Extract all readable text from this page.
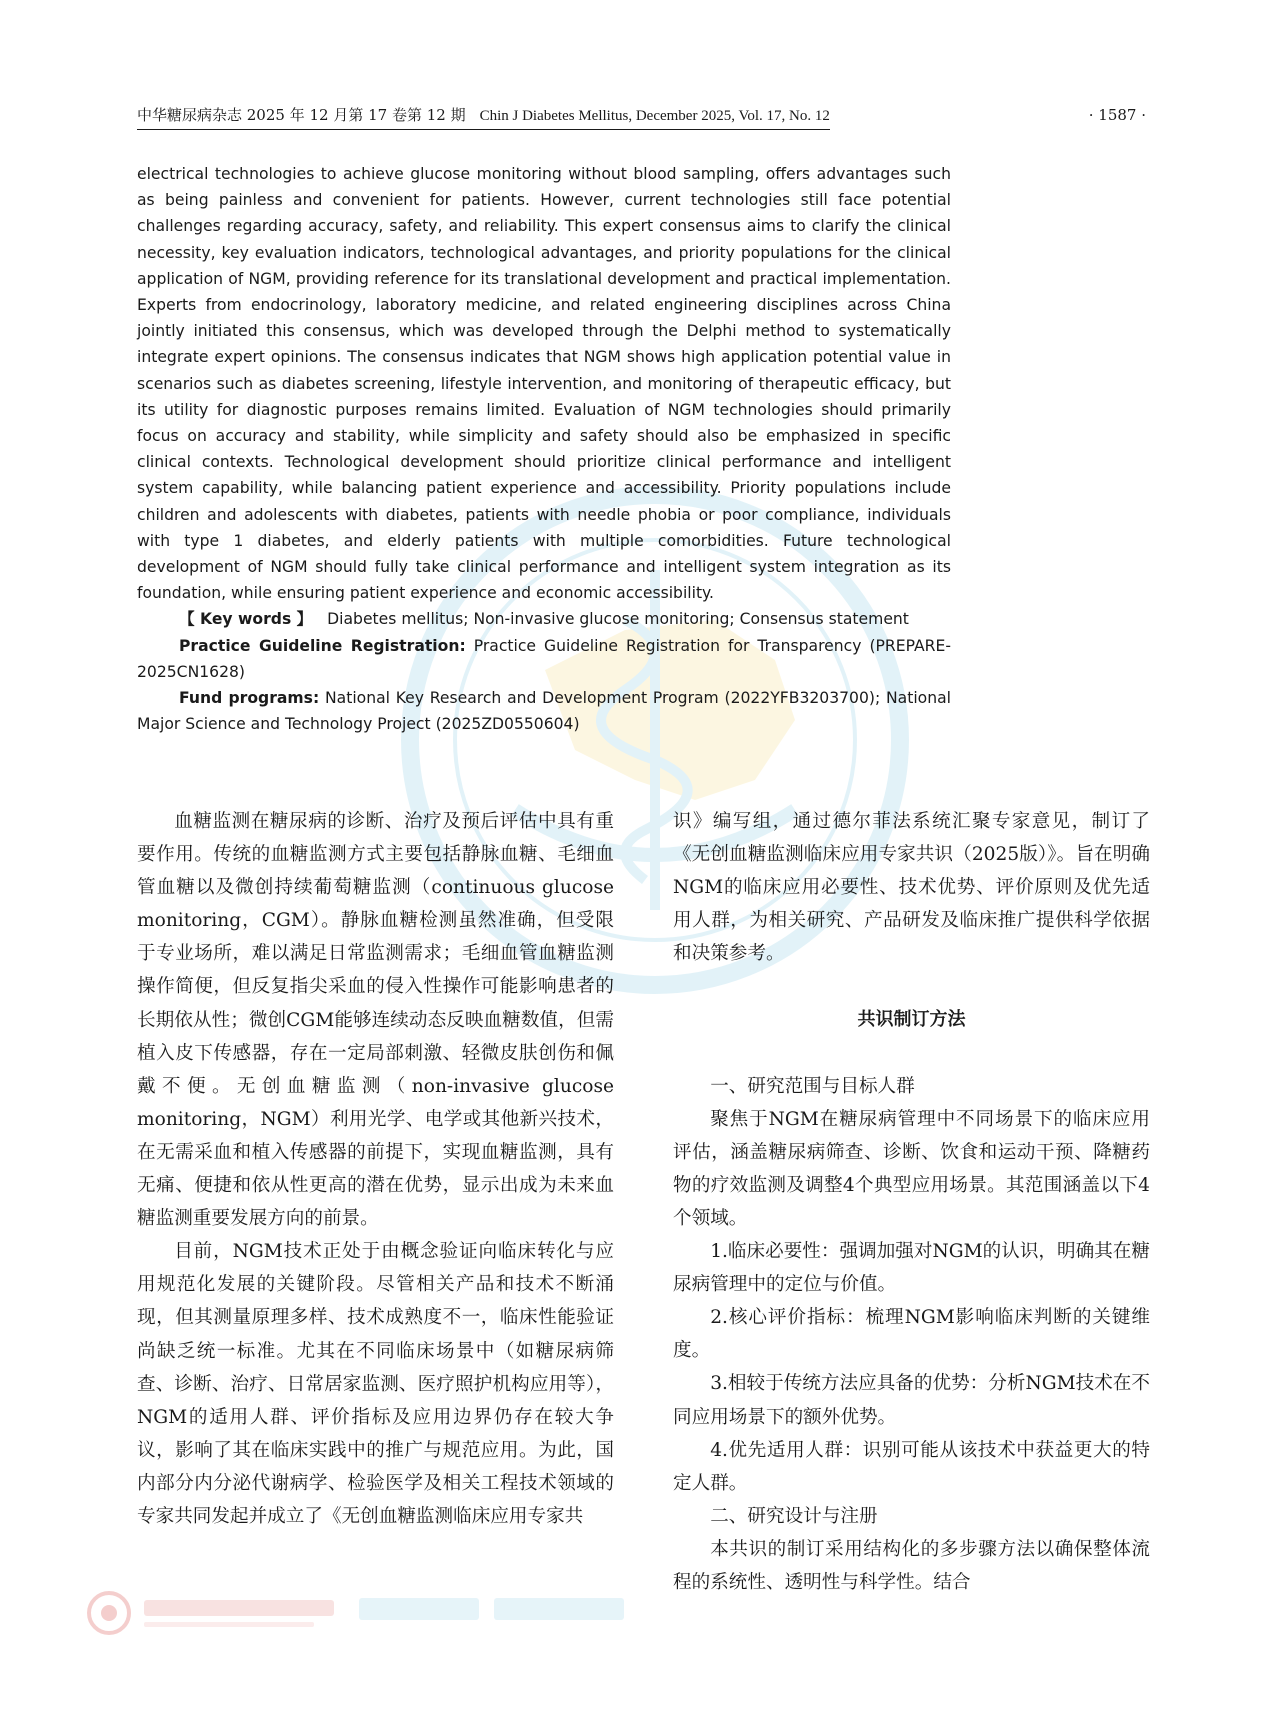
中华糖尿病杂志 2025 年 12 月第 17 卷第 12 期 Chin J Diabetes Mellitus, December 2025, Vol. 17, No. 12	· 1587 ·

electrical technologies to achieve glucose monitoring without blood sampling, offers advantages such as being painless and convenient for patients. However, current technologies still face potential challenges regarding accuracy, safety, and reliability. This expert consensus aims to clarify the clinical necessity, key evaluation indicators, technological advantages, and priority populations for the clinical application of NGM, providing reference for its translational development and practical implementation. Experts from endocrinology, laboratory medicine, and related engineering disciplines across China jointly initiated this consensus, which was developed through the Delphi method to systematically integrate expert opinions. The consensus indicates that NGM shows high application potential value in scenarios such as diabetes screening, lifestyle intervention, and monitoring of therapeutic efficacy, but its utility for diagnostic purposes remains limited. Evaluation of NGM technologies should primarily focus on accuracy and stability, while simplicity and safety should also be emphasized in specific clinical contexts. Technological development should prioritize clinical performance and intelligent system capability, while balancing patient experience and accessibility. Priority populations include children and adolescents with diabetes, patients with needle phobia or poor compliance, individuals with type 1 diabetes, and elderly patients with multiple comorbidities. Future technological development of NGM should fully take clinical performance and intelligent system integration as its foundation, while ensuring patient experience and economic accessibility.

【 Key words 】 Diabetes mellitus; Non-invasive glucose monitoring; Consensus statement

Practice Guideline Registration: Practice Guideline Registration for Transparency (PREPARE-2025CN1628)

Fund programs: National Key Research and Development Program (2022YFB3203700); National Major Science and Technology Project (2025ZD0550604)

血糖监测在糖尿病的诊断、治疗及预后评估中具有重要作用。传统的血糖监测方式主要包括静脉血糖、毛细血管血糖以及微创持续葡萄糖监测（continuous glucose monitoring，CGM）。静脉血糖检测虽然准确，但受限于专业场所，难以满足日常监测需求；毛细血管血糖监测操作简便，但反复指尖采血的侵入性操作可能影响患者的长期依从性；微创CGM能够连续动态反映血糖数值，但需植入皮下传感器，存在一定局部刺激、轻微皮肤创伤和佩戴不便。无创血糖监测（non-invasive glucose monitoring，NGM）利用光学、电学或其他新兴技术，在无需采血和植入传感器的前提下，实现血糖监测，具有无痛、便捷和依从性更高的潜在优势，显示出成为未来血糖监测重要发展方向的前景。

目前，NGM技术正处于由概念验证向临床转化与应用规范化发展的关键阶段。尽管相关产品和技术不断涌现，但其测量原理多样、技术成熟度不一，临床性能验证尚缺乏统一标准。尤其在不同临床场景中（如糖尿病筛查、诊断、治疗、日常居家监测、医疗照护机构应用等），NGM的适用人群、评价指标及应用边界仍存在较大争议，影响了其在临床实践中的推广与规范应用。为此，国内部分内分泌代谢病学、检验医学及相关工程技术领域的专家共同发起并成立了《无创血糖监测临床应用专家共

识》编写组，通过德尔菲法系统汇聚专家意见，制订了《无创血糖监测临床应用专家共识（2025版）》。旨在明确NGM的临床应用必要性、技术优势、评价原则及优先适用人群，为相关研究、产品研发及临床推广提供科学依据和决策参考。

共识制订方法

一、研究范围与目标人群

聚焦于NGM在糖尿病管理中不同场景下的临床应用评估，涵盖糖尿病筛查、诊断、饮食和运动干预、降糖药物的疗效监测及调整4个典型应用场景。其范围涵盖以下4个领域。

1.临床必要性：强调加强对NGM的认识，明确其在糖尿病管理中的定位与价值。

2.核心评价指标：梳理NGM影响临床判断的关键维度。

3.相较于传统方法应具备的优势：分析NGM技术在不同应用场景下的额外优势。

4.优先适用人群：识别可能从该技术中获益更大的特定人群。

二、研究设计与注册

本共识的制订采用结构化的多步骤方法以确保整体流程的系统性、透明性与科学性。结合
